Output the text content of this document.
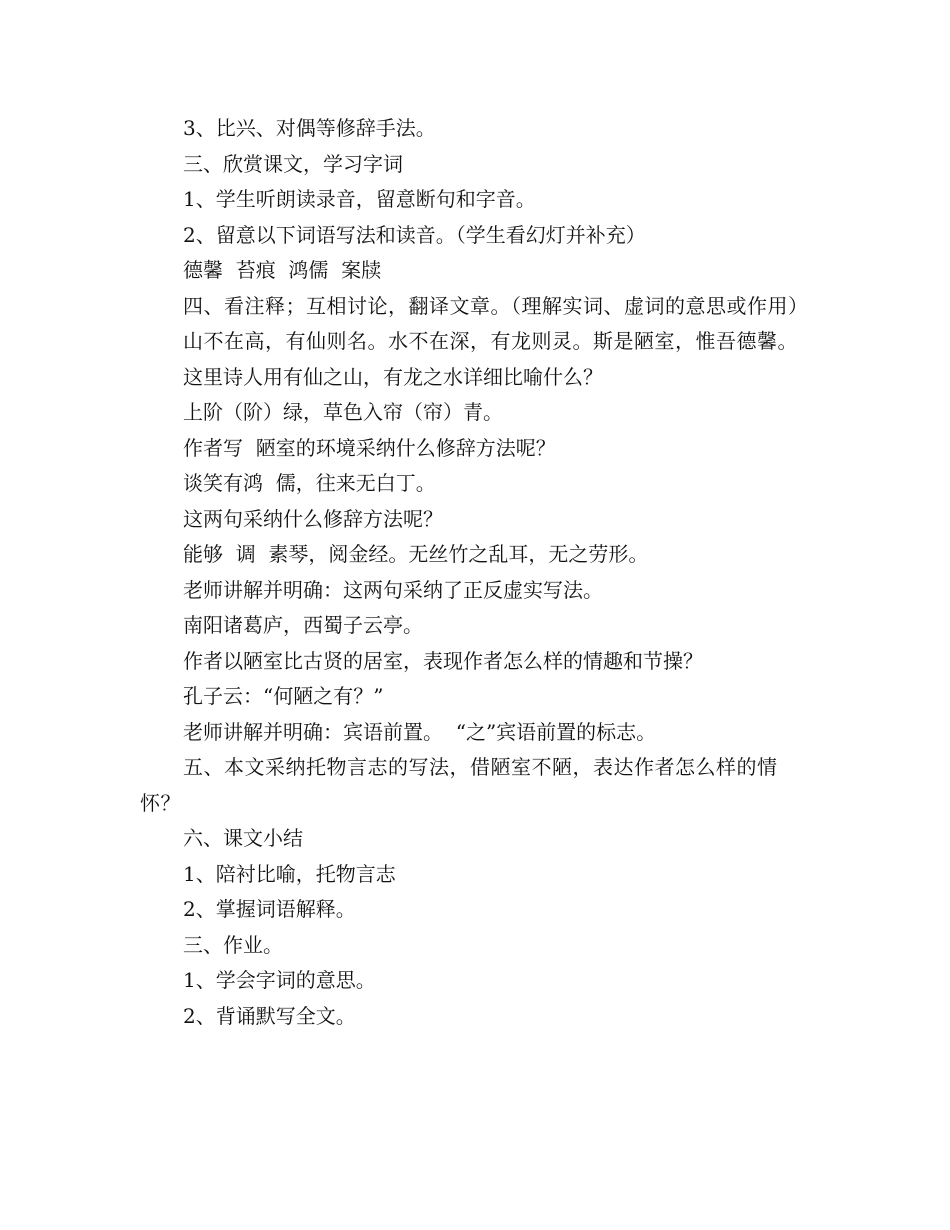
3、比兴、对偶等修辞手法。

三、欣赏课文，学习字词

1、学生听朗读录音，留意断句和字音。

2、留意以下词语写法和读音。（学生看幻灯并补充）

德馨  苔痕  鸿儒  案牍

四、看注释；互相讨论，翻译文章。（理解实词、虚词的意思或作用）

山不在高，有仙则名。水不在深，有龙则灵。斯是陋室，惟吾德馨。

这里诗人用有仙之山，有龙之水详细比喻什么？

上阶（阶）绿，草色入帘（帘）青。

作者写  陋室的环境采纳什么修辞方法呢？

谈笑有鸿  儒，往来无白丁。

这两句采纳什么修辞方法呢？

能够  调  素琴，阅金经。无丝竹之乱耳，无之劳形。

老师讲解并明确：这两句采纳了正反虚实写法。

南阳诸葛庐，西蜀子云亭。

作者以陋室比古贤的居室，表现作者怎么样的情趣和节操？

孔子云：“何陋之有？”

老师讲解并明确：宾语前置。  “之”宾语前置的标志。

五、本文采纳托物言志的写法，借陋室不陋，表达作者怎么样的情怀？

六、课文小结

1、陪衬比喻，托物言志

2、掌握词语解释。

三、作业。

1、学会字词的意思。

2、背诵默写全文。
